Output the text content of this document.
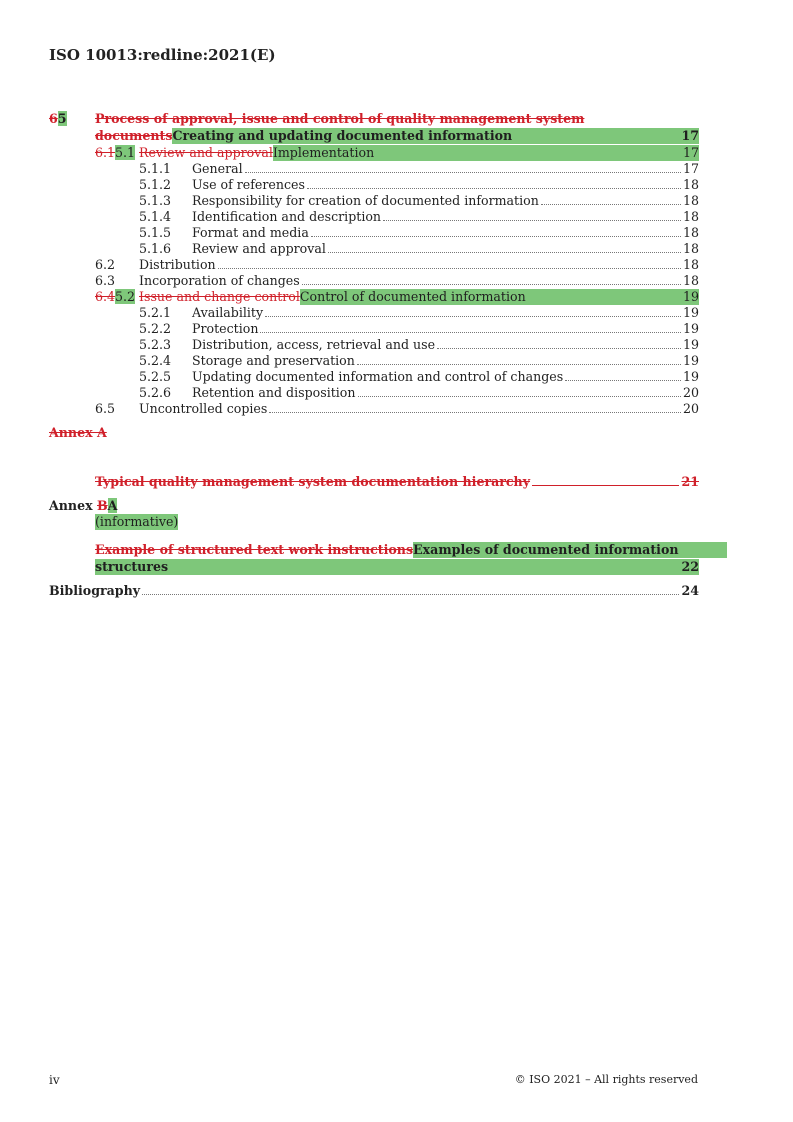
ISO 10013:redline:2021(E)
65 Process of approval, issue and control of quality management system
documents Creating and updating documented information	17
6.15.1 Review and approval Implementation	17
5.1.1 General	17
5.1.2 Use of references	18
5.1.3 Responsibility for creation of documented information	18
5.1.4 Identification and description	18
5.1.5 Format and media	18
5.1.6 Review and approval	18
6.2 Distribution	18
6.3 Incorporation of changes	18
6.45.2 Issue and change control Control of documented information	19
5.2.1 Availability	19
5.2.2 Protection	19
5.2.3 Distribution, access, retrieval and use	19
5.2.4 Storage and preservation	19
5.2.5 Updating documented information and control of changes	19
5.2.6 Retention and disposition	20
6.5 Uncontrolled copies	20
Annex A
Typical quality management system documentation hierarchy	21
Annex BA
(informative)
Example of structured text work instructions Examples of documented information
structures	22
Bibliography	24
iv	© ISO 2021 – All rights reserved
